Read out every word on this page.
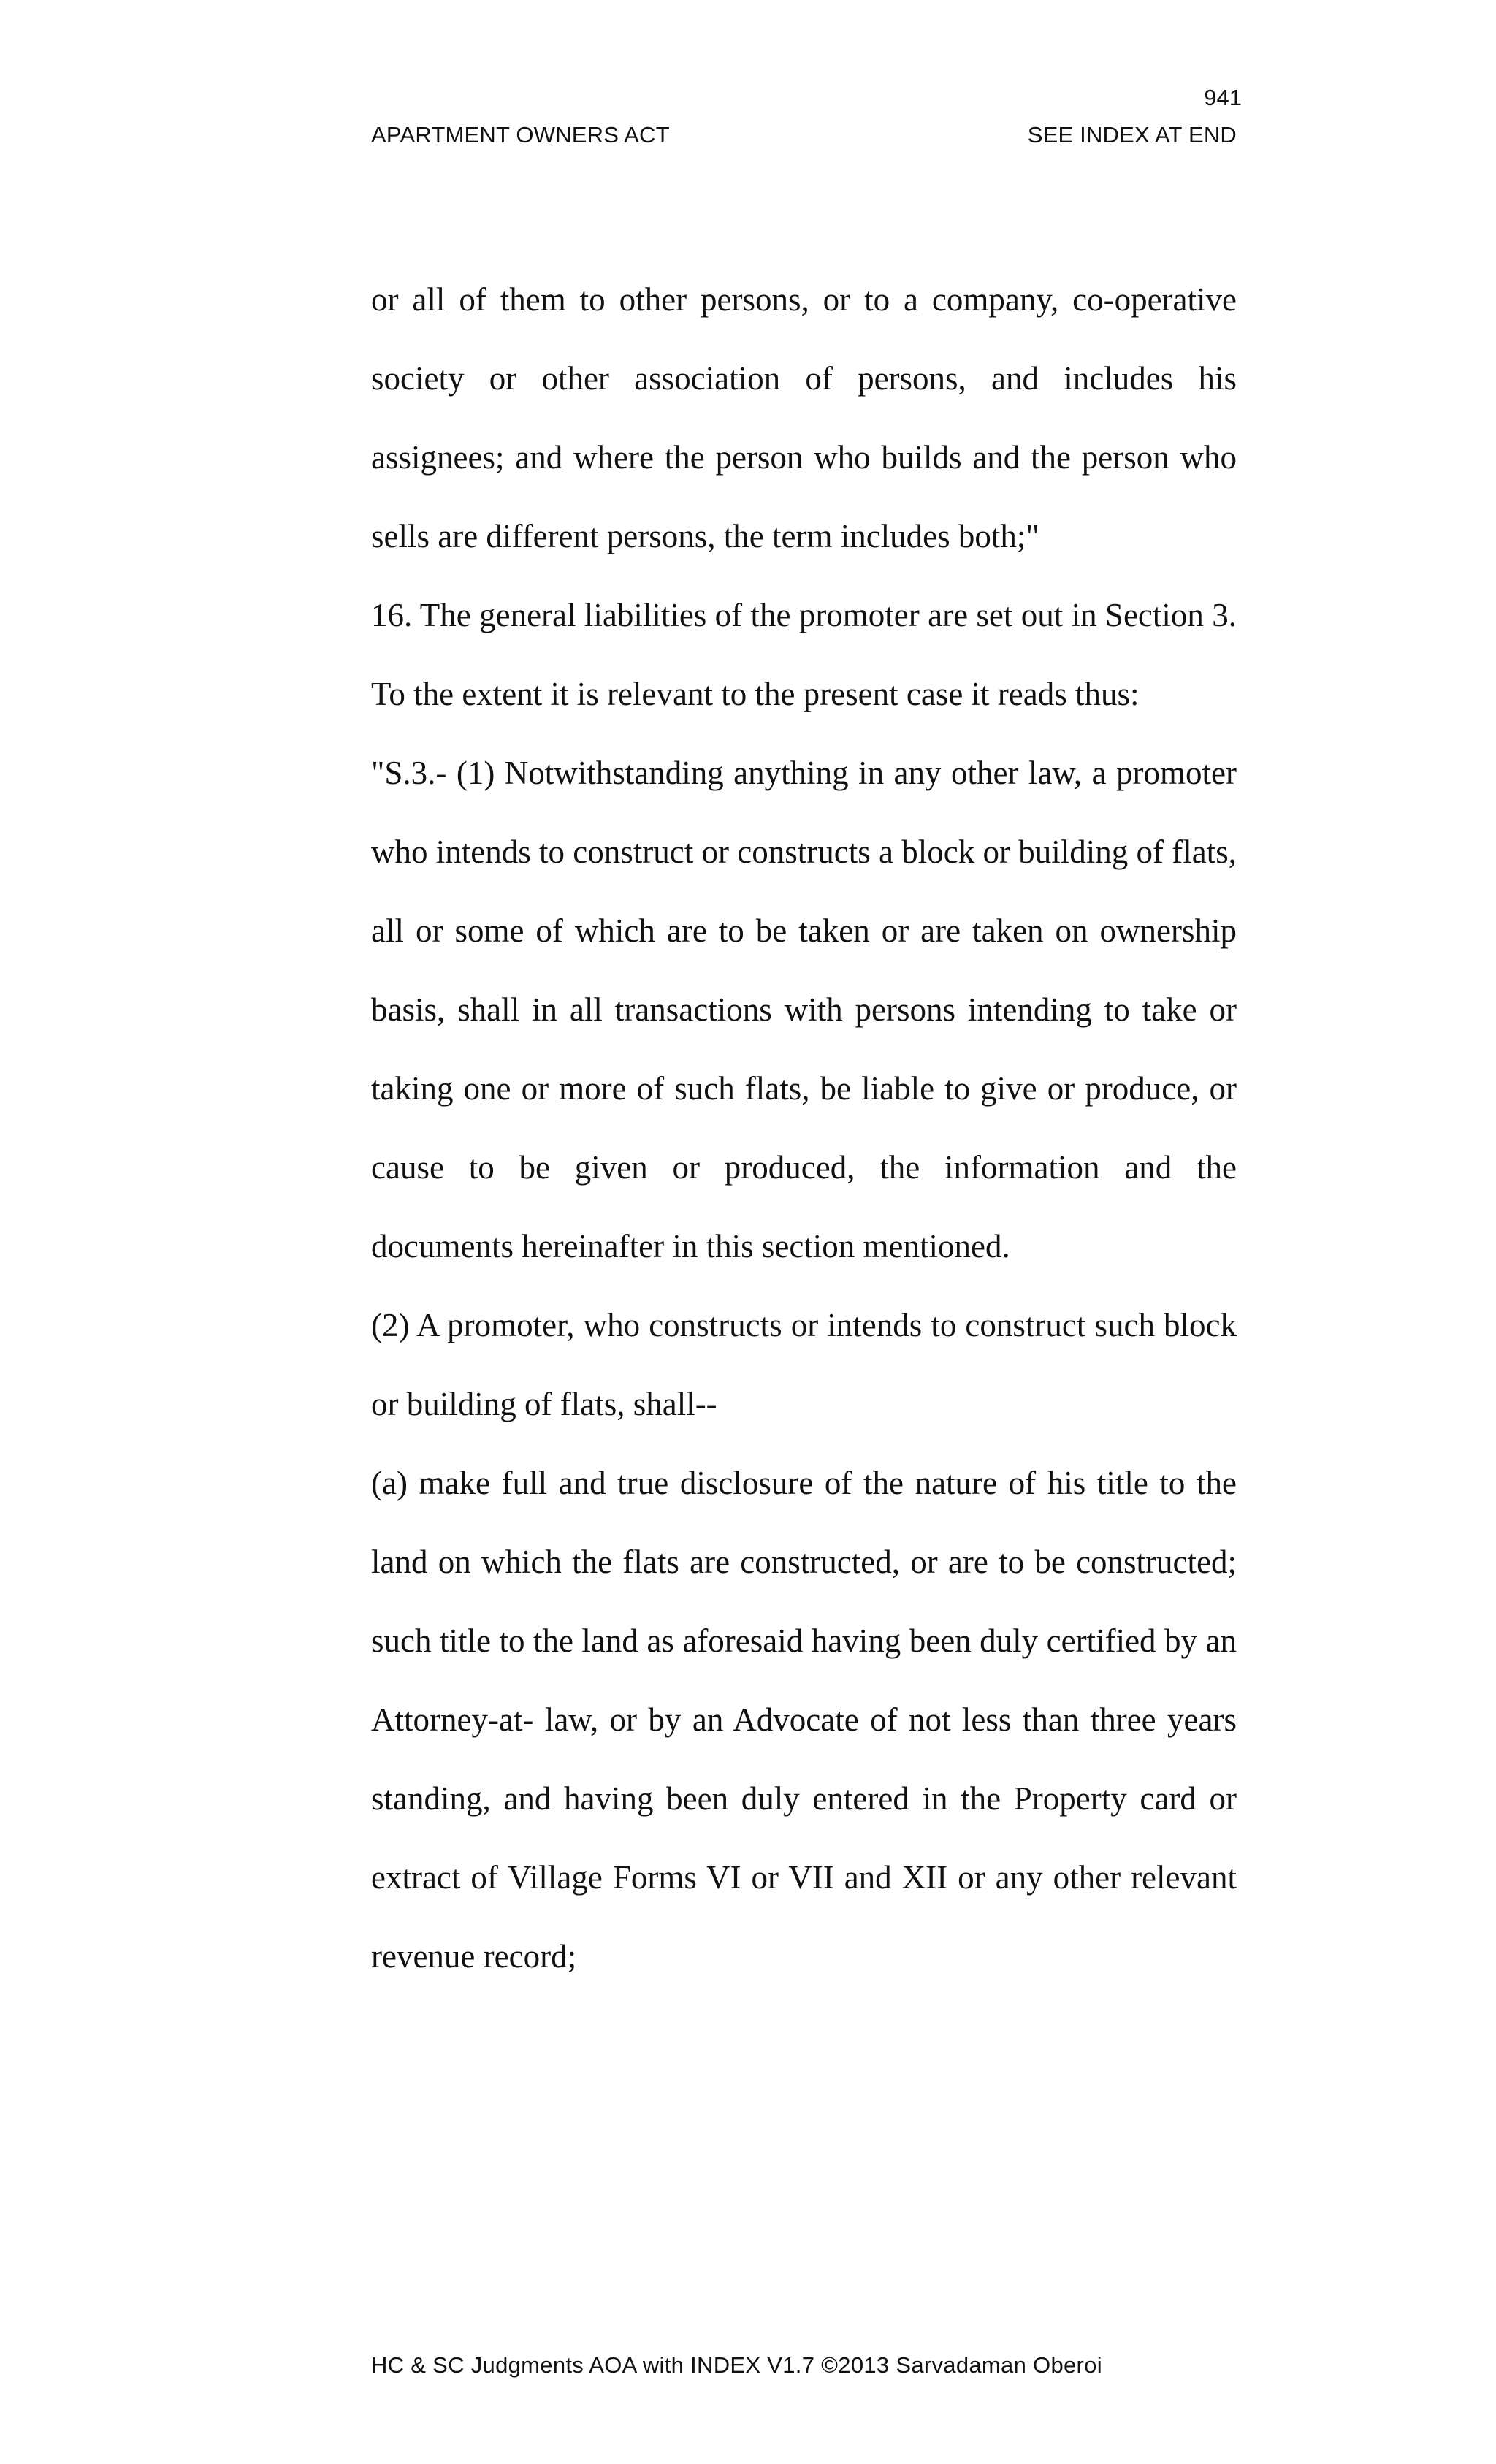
941
APARTMENT OWNERS ACT	SEE INDEX AT END

or all of them to other persons, or to a company, co-operative society or other association of persons, and includes his assignees; and where the person who builds and the person who sells are different persons, the term includes both;"

16. The general liabilities of the promoter are set out in Section 3. To the extent it is relevant to the present case it reads thus:

"S.3.- (1) Notwithstanding anything in any other law, a promoter who intends to construct or constructs a block or building of flats, all or some of which are to be taken or are taken on ownership basis, shall in all transactions with persons intending to take or taking one or more of such flats, be liable to give or produce, or cause to be given or produced, the information and the documents hereinafter in this section mentioned.

(2) A promoter, who constructs or intends to construct such block or building of flats, shall--

(a) make full and true disclosure of the nature of his title to the land on which the flats are constructed, or are to be constructed; such title to the land as aforesaid having been duly certified by an Attorney-at- law, or by an Advocate of not less than three years standing, and having been duly entered in the Property card or extract of Village Forms VI or VII and XII or any other relevant revenue record;

HC & SC Judgments AOA with INDEX V1.7 ©2013 Sarvadaman Oberoi
